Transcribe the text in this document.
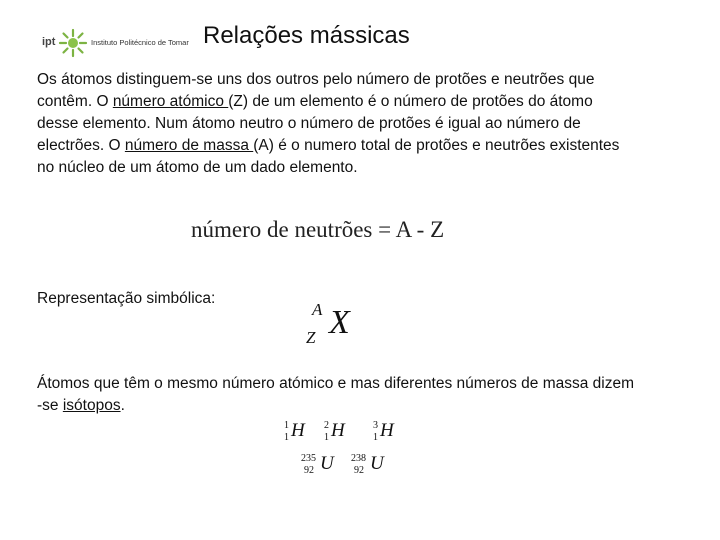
ipt	Instituto Politécnico de Tomar Relações mássicas
Os átomos distinguem-se uns dos outros pelo número de protões e neutrões que
contêm. O número atómico (Z) de um elemento é o número de protões do átomo
desse elemento. Num átomo neutro o número de protões é igual ao número de
electrões. O número de massa (A) é o numero total de protões e neutrões existentes
no núcleo de um átomo de um dado elemento.
número de neutrões = A - Z
Representação simbólica:
A
Z X
Átomos que têm o mesmo número atómico e mas diferentes números de massa dizem
-se isótopos.
1
1 H 2
1 H	3
1 H
235
92 U 238
92 U
